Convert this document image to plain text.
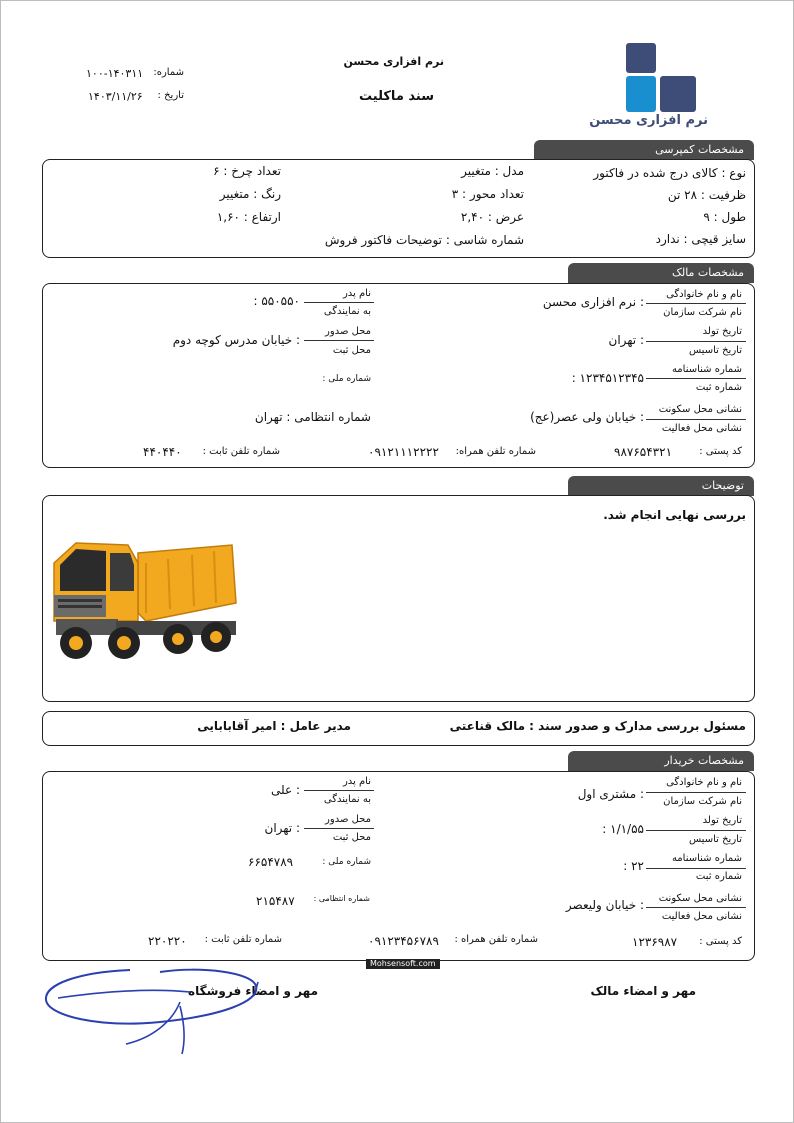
نرم افزاری محسن
نرم افزاری محسن
سند ماکلیت
شماره:
۱۰۰-۱۴۰۳۱۱
تاریخ :
۱۴۰۳/۱۱/۲۶
مشخصات کمپرسی
نوع : کالای درج شده در فاکتور
ظرفیت : ۲۸ تن
طول : ۹
سایز قیچی : ندارد
مدل : متغییر
تعداد محور : ۳
عرض : ۲,۴۰
شماره شاسی : توضیحات فاکتور فروش
تعداد چرخ : ۶
رنگ : متغییر
ارتفاع : ۱,۶۰
مشخصات مالک
نام و نام خانوادگی
نام شرکت سازمان
: نرم افزاری محسن
تاریخ تولد
تاریخ تاسیس
: تهران
شماره شناسنامه
شماره ثبت
۱۲۳۴۵۱۲۳۴۵ :
نشانی محل سکونت
نشانی محل فعالیت
: خیابان ولی عصر(عج)
کد پستی :
۹۸۷۶۵۴۳۲۱
نام پدر
به نمایندگی
۵۵۰۵۵۰ :
محل صدور
محل ثبت
: خیابان مدرس کوچه دوم
شماره ملی :
شماره انتظامی : تهران
شماره تلفن همراه:
۰۹۱۲۱۱۱۲۲۲۲
شماره تلفن ثابت :
۴۴۰۴۴۰
توضیحات
بررسی نهایی انجام شد.
مسئول بررسی مدارک و صدور سند : مالک قناعتی
مدیر عامل : امیر آقابابایی
مشخصات خریدار
نام و نام خانوادگی
نام شرکت سازمان
: مشتری اول
تاریخ تولد
تاریخ تاسیس
۱/۱/۵۵ :
شماره شناسنامه
شماره ثبت
۲۲ :
نشانی محل سکونت
نشانی محل فعالیت
: خیابان ولیعصر
کد پستی :
۱۲۳۶۹۸۷
نام پدر
به نمایندگی
: علی
محل صدور
محل ثبت
: تهران
شماره ملی :
۶۶۵۴۷۸۹
شماره انتظامی :
۲۱۵۴۸۷
شماره تلفن همراه :
۰۹۱۲۳۴۵۶۷۸۹
شماره تلفن ثابت :
۲۲۰۲۲۰
Mohsensoft.com
مهر و امضاء مالک
مهر و امضاء فروشگاه
